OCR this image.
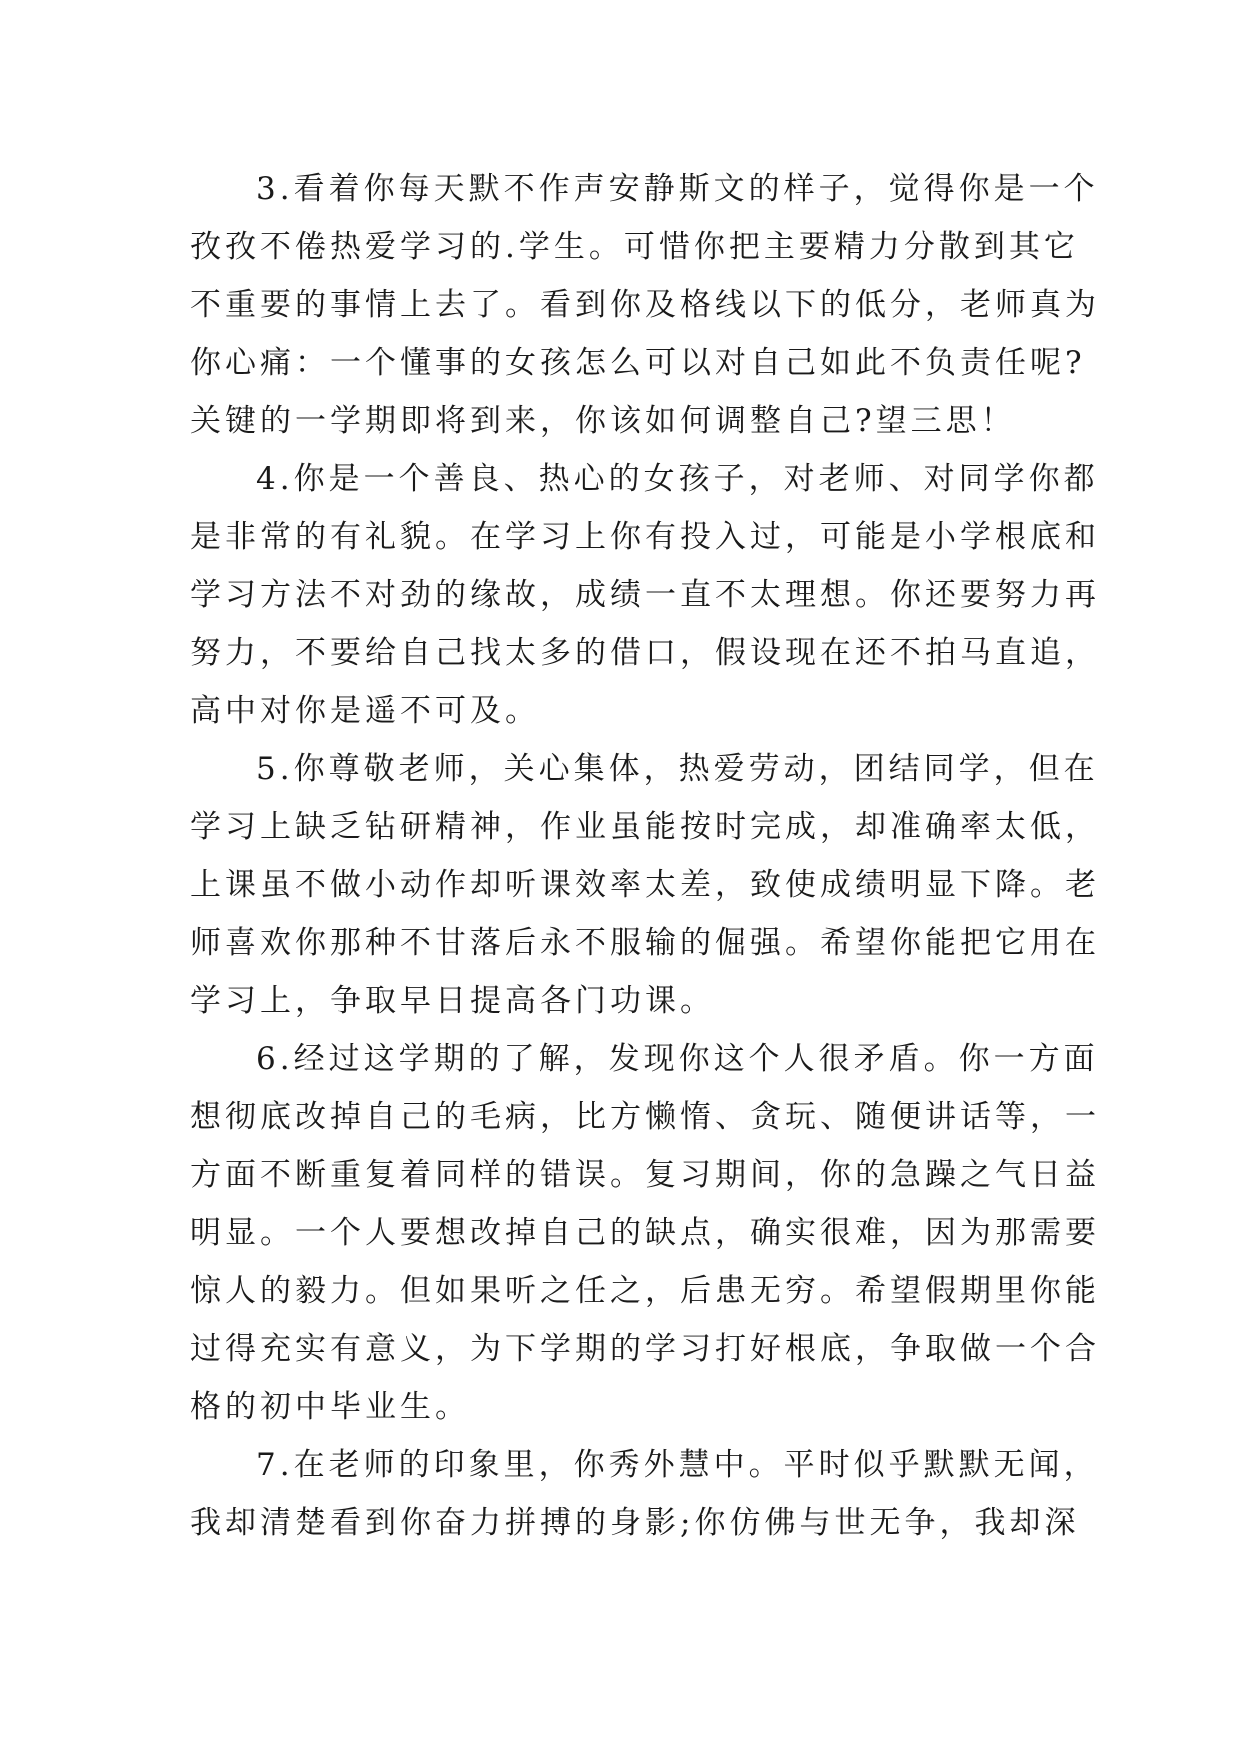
3.看着你每天默不作声安静斯文的样子，觉得你是一个
孜孜不倦热爱学习的.学生。可惜你把主要精力分散到其它
不重要的事情上去了。看到你及格线以下的低分，老师真为
你心痛：一个懂事的女孩怎么可以对自己如此不负责任呢?
关键的一学期即将到来，你该如何调整自己?望三思！

4.你是一个善良、热心的女孩子，对老师、对同学你都
是非常的有礼貌。在学习上你有投入过，可能是小学根底和
学习方法不对劲的缘故，成绩一直不太理想。你还要努力再
努力，不要给自己找太多的借口，假设现在还不拍马直追，
高中对你是遥不可及。

5.你尊敬老师，关心集体，热爱劳动，团结同学，但在
学习上缺乏钻研精神，作业虽能按时完成，却准确率太低，
上课虽不做小动作却听课效率太差，致使成绩明显下降。老
师喜欢你那种不甘落后永不服输的倔强。希望你能把它用在
学习上，争取早日提高各门功课。

6.经过这学期的了解，发现你这个人很矛盾。你一方面
想彻底改掉自己的毛病，比方懒惰、贪玩、随便讲话等，一
方面不断重复着同样的错误。复习期间，你的急躁之气日益
明显。一个人要想改掉自己的缺点，确实很难，因为那需要
惊人的毅力。但如果听之任之，后患无穷。希望假期里你能
过得充实有意义，为下学期的学习打好根底，争取做一个合
格的初中毕业生。

7.在老师的印象里，你秀外慧中。平时似乎默默无闻，
我却清楚看到你奋力拼搏的身影;你仿佛与世无争，我却深
